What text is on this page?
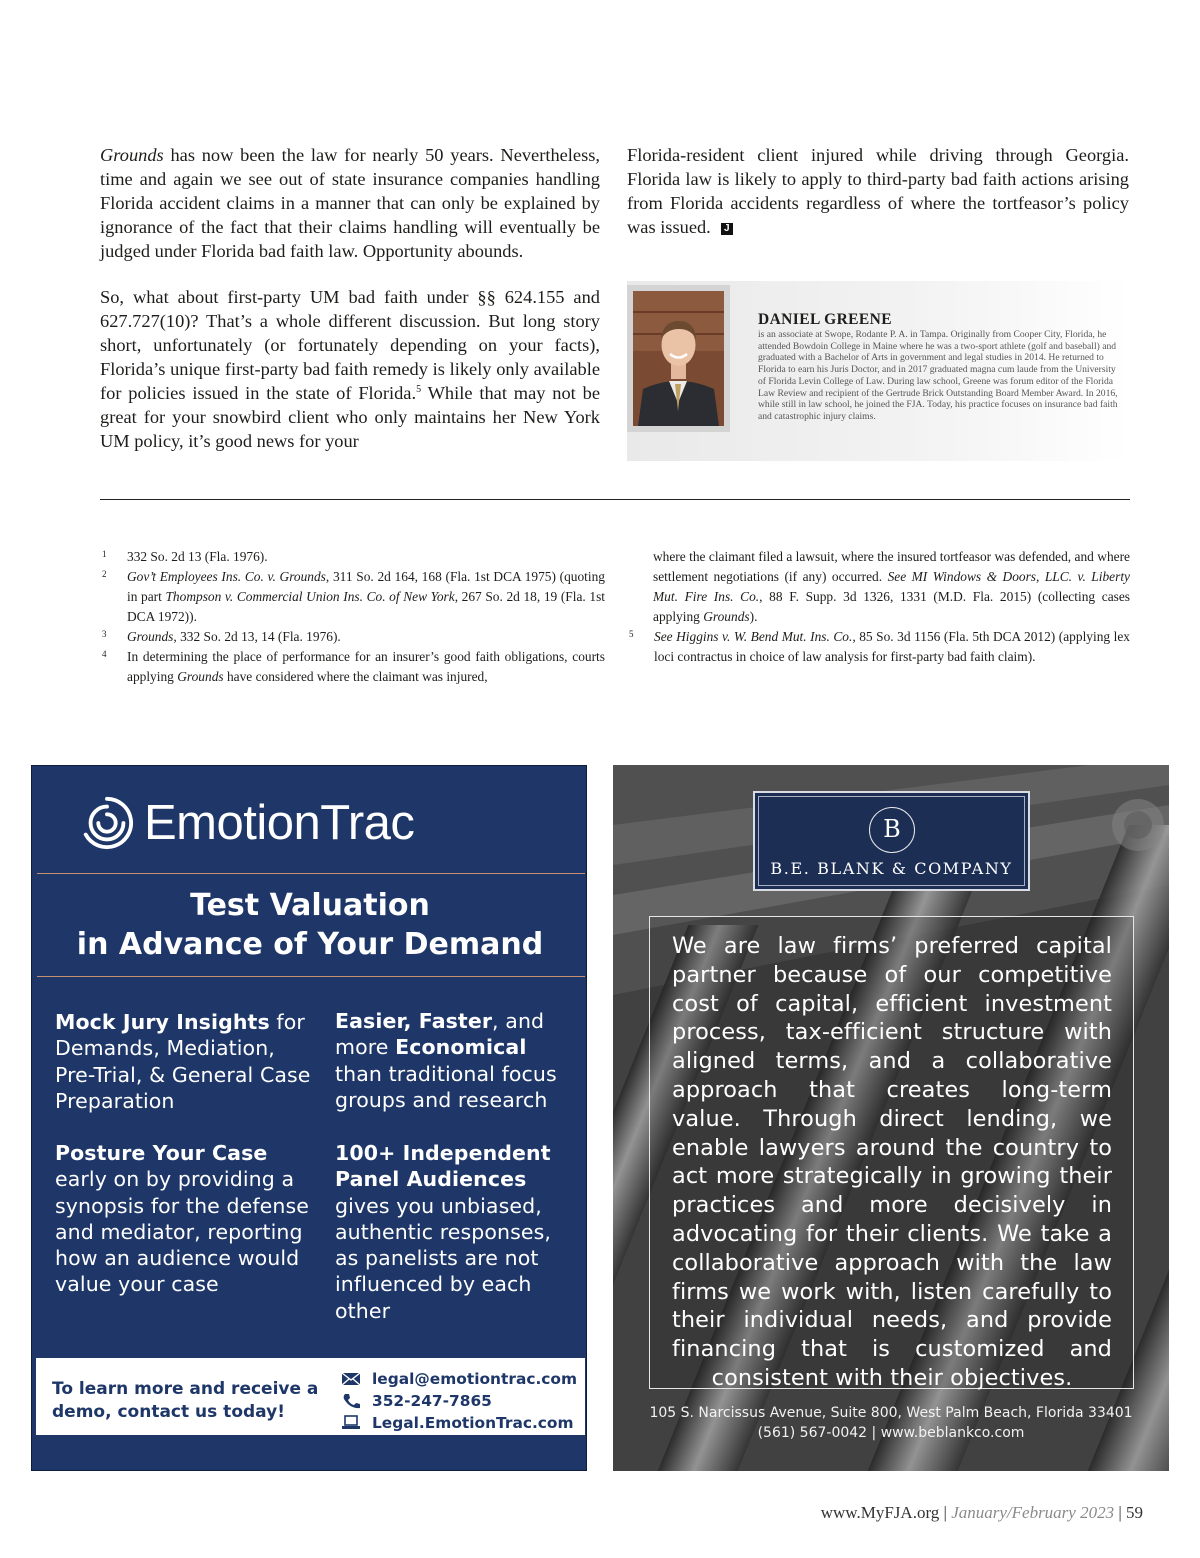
Grounds has now been the law for nearly 50 years. Nevertheless, time and again we see out of state insurance companies handling Florida accident claims in a manner that can only be explained by ignorance of the fact that their claims handling will eventually be judged under Florida bad faith law. Opportunity abounds.

So, what about first-party UM bad faith under §§ 624.155 and 627.727(10)? That’s a whole different discussion. But long story short, unfortunately (or fortunately depending on your facts), Florida’s unique first-party bad faith remedy is likely only available for policies issued in the state of Florida.$^5$ While that may not be great for your snowbird client who only maintains her New York UM policy, it’s good news for your

Florida-resident client injured while driving through Georgia. Florida law is likely to apply to third-party bad faith actions arising from Florida accidents regardless of where the tortfeasor’s policy was issued. J

DANIEL GREENE
is an associate at Swope, Rodante P. A. in Tampa. Originally from Cooper City, Florida, he attended Bowdoin College in Maine where he was a two-sport athlete (golf and baseball) and graduated with a Bachelor of Arts in government and legal studies in 2014. He returned to Florida to earn his Juris Doctor, and in 2017 graduated magna cum laude from the University of Florida Levin College of Law. During law school, Greene was forum editor of the Florida Law Review and recipient of the Gertrude Brick Outstanding Board Member Award. In 2016, while still in law school, he joined the FJA. Today, his practice focuses on insurance bad faith and catastrophic injury claims.
1 332 So. 2d 13 (Fla. 1976).
2 Gov’t Employees Ins. Co. v. Grounds, 311 So. 2d 164, 168 (Fla. 1st DCA 1975) (quoting in part Thompson v. Commercial Union Ins. Co. of New York, 267 So. 2d 18, 19 (Fla. 1st DCA 1972)).
3 Grounds, 332 So. 2d 13, 14 (Fla. 1976).
4 In determining the place of performance for an insurer’s good faith obligations, courts applying Grounds have considered where the claimant was injured,
where the claimant filed a lawsuit, where the insured tortfeasor was defended, and where settlement negotiations (if any) occurred. See MI Windows & Doors, LLC. v. Liberty Mut. Fire Ins. Co., 88 F. Supp. 3d 1326, 1331 (M.D. Fla. 2015) (collecting cases applying Grounds).
5 See Higgins v. W. Bend Mut. Ins. Co., 85 So. 3d 1156 (Fla. 5th DCA 2012) (applying lex loci contractus in choice of law analysis for first-party bad faith claim).
EmotionTrac
Test Valuation
in Advance of Your Demand
Mock Jury Insights for Demands, Mediation, Pre-Trial, & General Case Preparation
Easier, Faster, and more Economical than traditional focus groups and research
Posture Your Case early on by providing a synopsis for the defense and mediator, reporting how an audience would value your case
100+ Independent Panel Audiences gives you unbiased, authentic responses, as panelists are not influenced by each other
To learn more and receive a demo, contact us today!
legal@emotiontrac.com
352-247-7865
Legal.EmotionTrac.com
B
B.E. BLANK & COMPANY
We are law firms’ preferred capital partner because of our competitive cost of capital, efficient investment process, tax-efficient structure with aligned terms, and a collaborative approach that creates long-term value. Through direct lending, we enable lawyers around the country to act more strategically in growing their practices and more decisively in advocating for their clients. We take a collaborative approach with the law firms we work with, listen carefully to their individual needs, and provide financing that is customized and consistent with their objectives.
105 S. Narcissus Avenue, Suite 800, West Palm Beach, Florida 33401
(561) 567-0042 | www.beblankco.com
www.MyFJA.org | January/February 2023 | 59
